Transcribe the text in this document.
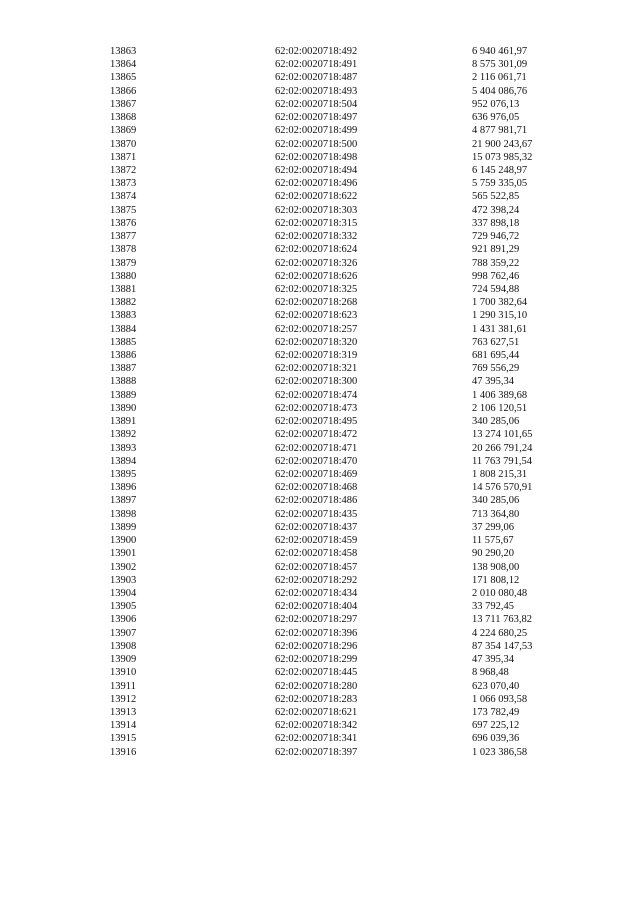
13863	62:02:0020718:492	6 940 461,97
13864	62:02:0020718:491	8 575 301,09
13865	62:02:0020718:487	2 116 061,71
13866	62:02:0020718:493	5 404 086,76
13867	62:02:0020718:504	952 076,13
13868	62:02:0020718:497	636 976,05
13869	62:02:0020718:499	4 877 981,71
13870	62:02:0020718:500	21 900 243,67
13871	62:02:0020718:498	15 073 985,32
13872	62:02:0020718:494	6 145 248,97
13873	62:02:0020718:496	5 759 335,05
13874	62:02:0020718:622	565 522,85
13875	62:02:0020718:303	472 398,24
13876	62:02:0020718:315	337 898,18
13877	62:02:0020718:332	729 946,72
13878	62:02:0020718:624	921 891,29
13879	62:02:0020718:326	788 359,22
13880	62:02:0020718:626	998 762,46
13881	62:02:0020718:325	724 594,88
13882	62:02:0020718:268	1 700 382,64
13883	62:02:0020718:623	1 290 315,10
13884	62:02:0020718:257	1 431 381,61
13885	62:02:0020718:320	763 627,51
13886	62:02:0020718:319	681 695,44
13887	62:02:0020718:321	769 556,29
13888	62:02:0020718:300	47 395,34
13889	62:02:0020718:474	1 406 389,68
13890	62:02:0020718:473	2 106 120,51
13891	62:02:0020718:495	340 285,06
13892	62:02:0020718:472	13 274 101,65
13893	62:02:0020718:471	20 266 791,24
13894	62:02:0020718:470	11 763 791,54
13895	62:02:0020718:469	1 808 215,31
13896	62:02:0020718:468	14 576 570,91
13897	62:02:0020718:486	340 285,06
13898	62:02:0020718:435	713 364,80
13899	62:02:0020718:437	37 299,06
13900	62:02:0020718:459	11 575,67
13901	62:02:0020718:458	90 290,20
13902	62:02:0020718:457	138 908,00
13903	62:02:0020718:292	171 808,12
13904	62:02:0020718:434	2 010 080,48
13905	62:02:0020718:404	33 792,45
13906	62:02:0020718:297	13 711 763,82
13907	62:02:0020718:396	4 224 680,25
13908	62:02:0020718:296	87 354 147,53
13909	62:02:0020718:299	47 395,34
13910	62:02:0020718:445	8 968,48
13911	62:02:0020718:280	623 070,40
13912	62:02:0020718:283	1 066 093,58
13913	62:02:0020718:621	173 782,49
13914	62:02:0020718:342	697 225,12
13915	62:02:0020718:341	696 039,36
13916	62:02:0020718:397	1 023 386,58
